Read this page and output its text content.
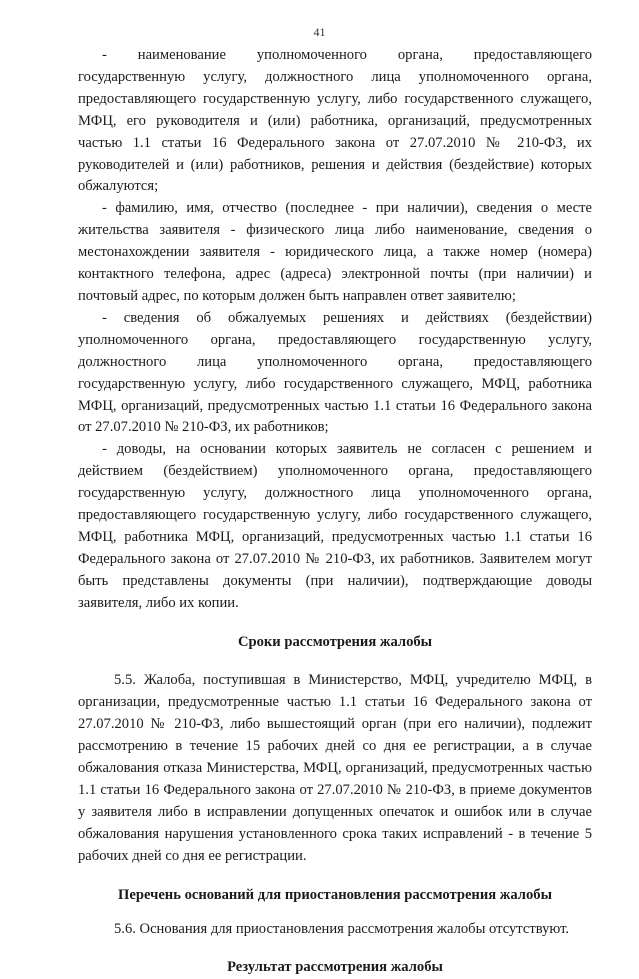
41

- наименование уполномоченного органа, предоставляющего государственную услугу, должностного лица уполномоченного органа, предоставляющего государственную услугу, либо государственного служащего, МФЦ, его руководителя и (или) работника, организаций, предусмотренных частью 1.1 статьи 16 Федерального закона от 27.07.2010 № 210-ФЗ, их руководителей и (или) работников, решения и действия (бездействие) которых обжалуются;

- фамилию, имя, отчество (последнее - при наличии), сведения о месте жительства заявителя - физического лица либо наименование, сведения о местонахождении заявителя - юридического лица, а также номер (номера) контактного телефона, адрес (адреса) электронной почты (при наличии) и почтовый адрес, по которым должен быть направлен ответ заявителю;

- сведения об обжалуемых решениях и действиях (бездействии) уполномоченного органа, предоставляющего государственную услугу, должностного лица уполномоченного органа, предоставляющего государственную услугу, либо государственного служащего, МФЦ, работника МФЦ, организаций, предусмотренных частью 1.1 статьи 16 Федерального закона от 27.07.2010 № 210-ФЗ, их работников;

- доводы, на основании которых заявитель не согласен с решением и действием (бездействием) уполномоченного органа, предоставляющего государственную услугу, должностного лица уполномоченного органа, предоставляющего государственную услугу, либо государственного служащего, МФЦ, работника МФЦ, организаций, предусмотренных частью 1.1 статьи 16 Федерального закона от 27.07.2010 № 210-ФЗ, их работников. Заявителем могут быть представлены документы (при наличии), подтверждающие доводы заявителя, либо их копии.

Сроки рассмотрения жалобы

5.5. Жалоба, поступившая в Министерство, МФЦ, учредителю МФЦ, в организации, предусмотренные частью 1.1 статьи 16 Федерального закона от 27.07.2010 № 210-ФЗ, либо вышестоящий орган (при его наличии), подлежит рассмотрению в течение 15 рабочих дней со дня ее регистрации, а в случае обжалования отказа Министерства, МФЦ, организаций, предусмотренных частью 1.1 статьи 16 Федерального закона от 27.07.2010 № 210-ФЗ, в приеме документов у заявителя либо в исправлении допущенных опечаток и ошибок или в случае обжалования нарушения установленного срока таких исправлений - в течение 5 рабочих дней со дня ее регистрации.

Перечень оснований для приостановления рассмотрения жалобы

5.6. Основания для приостановления рассмотрения жалобы отсутствуют.

Результат рассмотрения жалобы
